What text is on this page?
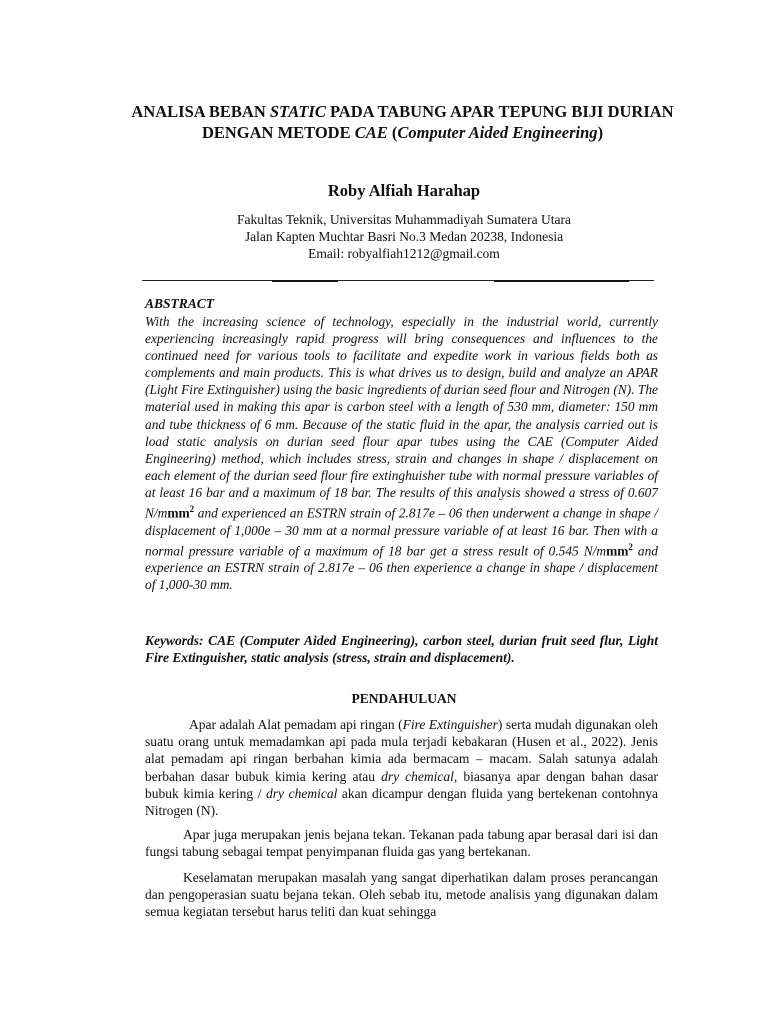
ANALISA BEBAN STATIC PADA TABUNG APAR TEPUNG BIJI DURIAN DENGAN METODE CAE (Computer Aided Engineering)
Roby Alfiah Harahap
Fakultas Teknik, Universitas Muhammadiyah Sumatera Utara
Jalan Kapten Muchtar Basri No.3 Medan 20238, Indonesia
Email: robyalfiah1212@gmail.com
ABSTRACT
With the increasing science of technology, especially in the industrial world, currently experiencing increasingly rapid progress will bring consequences and influences to the continued need for various tools to facilitate and expedite work in various fields both as complements and main products. This is what drives us to design, build and analyze an APAR (Light Fire Extinguisher) using the basic ingredients of durian seed flour and Nitrogen (N). The material used in making this apar is carbon steel with a length of 530 mm, diameter: 150 mm and tube thickness of 6 mm. Because of the static fluid in the apar, the analysis carried out is load static analysis on durian seed flour apar tubes using the CAE (Computer Aided Engineering) method, which includes stress, strain and changes in shape / displacement on each element of the durian seed flour fire extinghuisher tube with normal pressure variables of at least 16 bar and a maximum of 18 bar. The results of this analysis showed a stress of 0.607 N/mmm$^2$ and experienced an ESTRN strain of 2.817e – 06 then underwent a change in shape / displacement of 1,000e – 30 mm at a normal pressure variable of at least 16 bar. Then with a normal pressure variable of a maximum of 18 bar get a stress result of 0.545 N/mmm$^2$ and experience an ESTRN strain of 2.817e – 06 then experience a change in shape / displacement of 1,000-30 mm.
Keywords: CAE (Computer Aided Engineering), carbon steel, durian fruit seed flur, Light Fire Extinguisher, static analysis (stress, strain and displacement).
PENDAHULUAN
Apar adalah Alat pemadam api ringan (Fire Extinguisher) serta mudah digunakan oleh suatu orang untuk memadamkan api pada mula terjadi kebakaran (Husen et al., 2022). Jenis alat pemadam api ringan berbahan kimia ada bermacam – macam. Salah satunya adalah berbahan dasar bubuk kimia kering atau dry chemical, biasanya apar dengan bahan dasar bubuk kimia kering / dry chemical akan dicampur dengan fluida yang bertekenan contohnya Nitrogen (N).
Apar juga merupakan jenis bejana tekan. Tekanan pada tabung apar berasal dari isi dan fungsi tabung sebagai tempat penyimpanan fluida gas yang bertekanan.
Keselamatan merupakan masalah yang sangat diperhatikan dalam proses perancangan dan pengoperasian suatu bejana tekan. Oleh sebab itu, metode analisis yang digunakan dalam semua kegiatan tersebut harus teliti dan kuat sehingga
